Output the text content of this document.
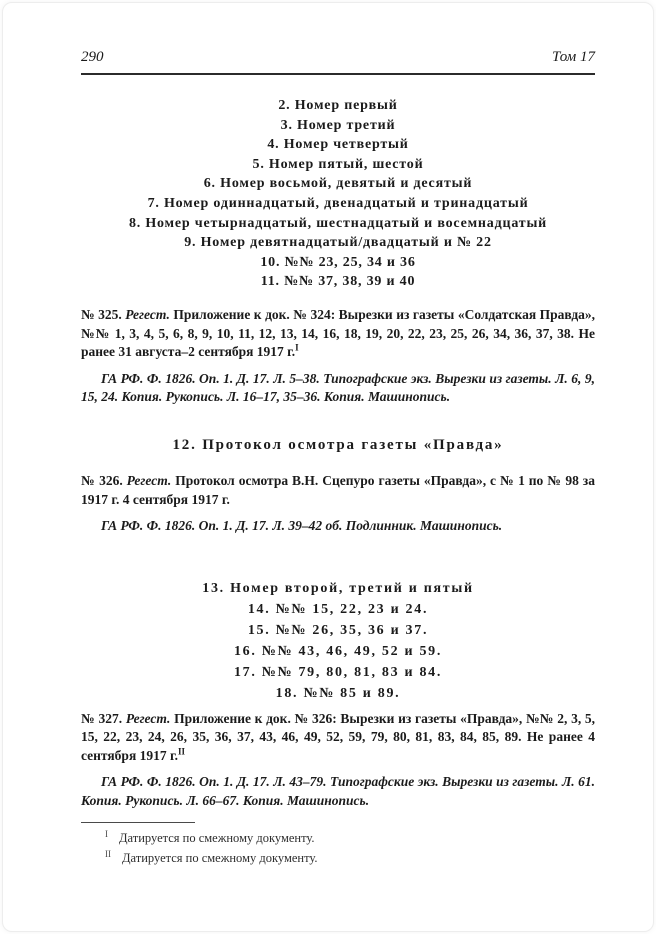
290	Том 17
2. Номер первый
3. Номер третий
4. Номер четвертый
5. Номер пятый, шестой
6. Номер восьмой, девятый и десятый
7. Номер одиннадцатый, двенадцатый и тринадцатый
8. Номер четырнадцатый, шестнадцатый и восемнадцатый
9. Номер девятнадцатый/двадцатый и № 22
10. №№ 23, 25, 34 и 36
11. №№ 37, 38, 39 и 40

№ 325. Регест. Приложение к док. № 324: Вырезки из газеты «Солдатская Правда», №№ 1, 3, 4, 5, 6, 8, 9, 10, 11, 12, 13, 14, 16, 18, 19, 20, 22, 23, 25, 26, 34, 36, 37, 38. Не ранее 31 августа–2 сентября 1917 г.$^I$

ГА РФ. Ф. 1826. Оп. 1. Д. 17. Л. 5–38. Типографские экз. Вырезки из газеты. Л. 6, 9, 15, 24. Копия. Рукопись. Л. 16–17, 35–36. Копия. Машинопись.

12. Протокол осмотра газеты «Правда»

№ 326. Регест. Протокол осмотра В.Н. Сцепуро газеты «Правда», с № 1 по № 98 за 1917 г. 4 сентября 1917 г.

ГА РФ. Ф. 1826. Оп. 1. Д. 17. Л. 39–42 об. Подлинник. Машинопись.

13. Номер второй, третий и пятый
14. №№ 15, 22, 23 и 24.
15. №№ 26, 35, 36 и 37.
16. №№ 43, 46, 49, 52 и 59.
17. №№ 79, 80, 81, 83 и 84.
18. №№ 85 и 89.

№ 327. Регест. Приложение к док. № 326: Вырезки из газеты «Правда», №№ 2, 3, 5, 15, 22, 23, 24, 26, 35, 36, 37, 43, 46, 49, 52, 59, 79, 80, 81, 83, 84, 85, 89. Не ранее 4 сентября 1917 г.$^{II}$

ГА РФ. Ф. 1826. Оп. 1. Д. 17. Л. 43–79. Типографские экз. Вырезки из газеты. Л. 61. Копия. Рукопись. Л. 66–67. Копия. Машинопись.

$^I$ Датируется по смежному документу.

$^{II}$ Датируется по смежному документу.
